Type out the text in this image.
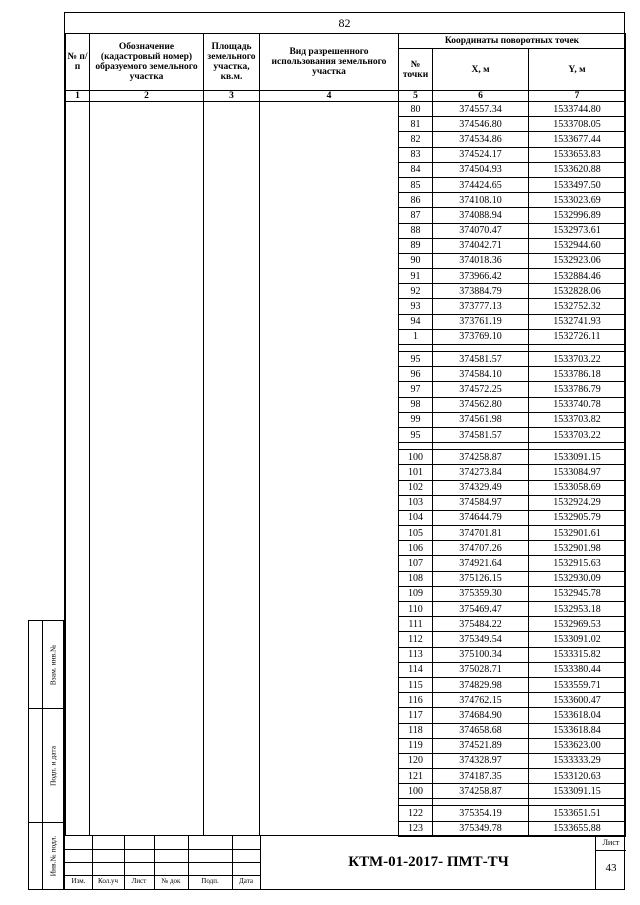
Взам. инв.№
Подп. и дата
Инв.№ подл.
82
№ п/п	Обозначение (кадастровый номер) образуемого земельного участка	Площадь земельного участка, кв.м.	Вид разрешенного использования земельного участка	Координаты поворотных точек		
				№ точки	X, м	Y, м
1	2	3	4	5	6	7
				80	374557.34	1533744.80
				81	374546.80	1533708.05
				82	374534.86	1533677.44
				83	374524.17	1533653.83
				84	374504.93	1533620.88
				85	374424.65	1533497.50
				86	374108.10	1533023.69
				87	374088.94	1532996.89
				88	374070.47	1532973.61
				89	374042.71	1532944.60
				90	374018.36	1532923.06
				91	373966.42	1532884.46
				92	373884.79	1532828.06
				93	373777.13	1532752.32
				94	373761.19	1532741.93
				1	373769.10	1532726.11

				95	374581.57	1533703.22
				96	374584.10	1533786.18
				97	374572.25	1533786.79
				98	374562.80	1533740.78
				99	374561.98	1533703.82
				95	374581.57	1533703.22

				100	374258.87	1533091.15
				101	374273.84	1533084.97
				102	374329.49	1533058.69
				103	374584.97	1532924.29
				104	374644.79	1532905.79
				105	374701.81	1532901.61
				106	374707.26	1532901.98
				107	374921.64	1532915.63
				108	375126.15	1532930.09
				109	375359.30	1532945.78
				110	375469.47	1532953.18
				111	375484.22	1532969.53
				112	375349.54	1533091.02
				113	375100.34	1533315.82
				114	375028.71	1533380.44
				115	374829.98	1533559.71
				116	374762.15	1533600.47
				117	374684.90	1533618.04
				118	374658.68	1533618.84
				119	374521.89	1533623.00
				120	374328.97	1533333.29
				121	374187.35	1533120.63
				100	374258.87	1533091.15

				122	375354.19	1533651.51
				123	375349.78	1533655.88
Изм.	Кол.уч	Лист	№ док	Подп.	Дата
КТМ-01-2017- ПМТ-ТЧ
Лист
43
